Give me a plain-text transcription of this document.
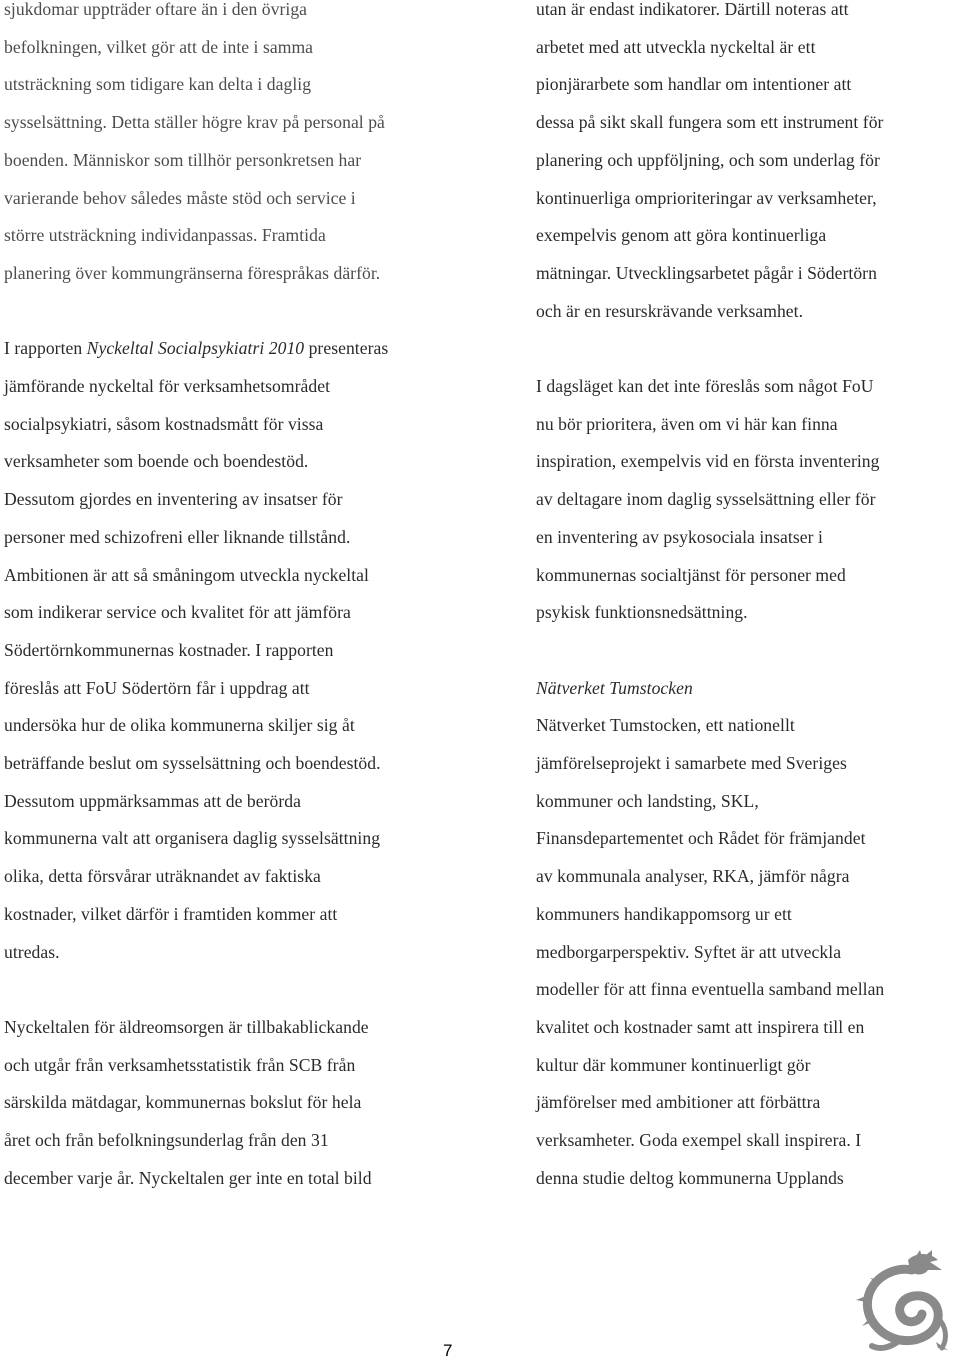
sjukdomar uppträder oftare än i den övriga
befolkningen, vilket gör att de inte i samma
utsträckning som tidigare kan delta i daglig
sysselsättning. Detta ställer högre krav på personal på
boenden. Människor som tillhör personkretsen har
varierande behov således måste stöd och service i
större utsträckning individanpassas. Framtida
planering över kommungränserna förespråkas därför.
I rapporten Nyckeltal Socialpsykiatri 2010 presenteras
jämförande nyckeltal för verksamhetsområdet
socialpsykiatri, såsom kostnadsmått för vissa
verksamheter som boende och boendestöd.
Dessutom gjordes en inventering av insatser för
personer med schizofreni eller liknande tillstånd.
Ambitionen är att så småningom utveckla nyckeltal
som indikerar service och kvalitet för att jämföra
Södertörnkommunernas kostnader. I rapporten
föreslås att FoU Södertörn får i uppdrag att
undersöka hur de olika kommunerna skiljer sig åt
beträffande beslut om sysselsättning och boendestöd.
Dessutom uppmärksammas att de berörda
kommunerna valt att organisera daglig sysselsättning
olika, detta försvårar uträknandet av faktiska
kostnader, vilket därför i framtiden kommer att
utredas.
Nyckeltalen för äldreomsorgen är tillbakablickande
och utgår från verksamhetsstatistik från SCB från
särskilda mätdagar, kommunernas bokslut för hela
året och från befolkningsunderlag från den 31
december varje år. Nyckeltalen ger inte en total bild
utan är endast indikatorer. Därtill noteras att
arbetet med att utveckla nyckeltal är ett
pionjärarbete som handlar om intentioner att
dessa på sikt skall fungera som ett instrument för
planering och uppföljning, och som underlag för
kontinuerliga omprioriteringar av verksamheter,
exempelvis genom att göra kontinuerliga
mätningar. Utvecklingsarbetet pågår i Södertörn
och är en resurskrävande verksamhet.
I dagsläget kan det inte föreslås som något FoU
nu bör prioritera, även om vi här kan finna
inspiration, exempelvis vid en första inventering
av deltagare inom daglig sysselsättning eller för
en inventering av psykosociala insatser i
kommunernas socialtjänst för personer med
psykisk funktionsnedsättning.
Nätverket Tumstocken
Nätverket Tumstocken, ett nationellt
jämförelseprojekt i samarbete med Sveriges
kommuner och landsting, SKL,
Finansdepartementet och Rådet för främjandet
av kommunala analyser, RKA, jämför några
kommuners handikappomsorg ur ett
medborgarperspektiv. Syftet är att utveckla
modeller för att finna eventuella samband mellan
kvalitet och kostnader samt att inspirera till en
kultur där kommuner kontinuerligt gör
jämförelser med ambitioner att förbättra
verksamheter. Goda exempel skall inspirera. I
denna studie deltog kommunerna Upplands
7
